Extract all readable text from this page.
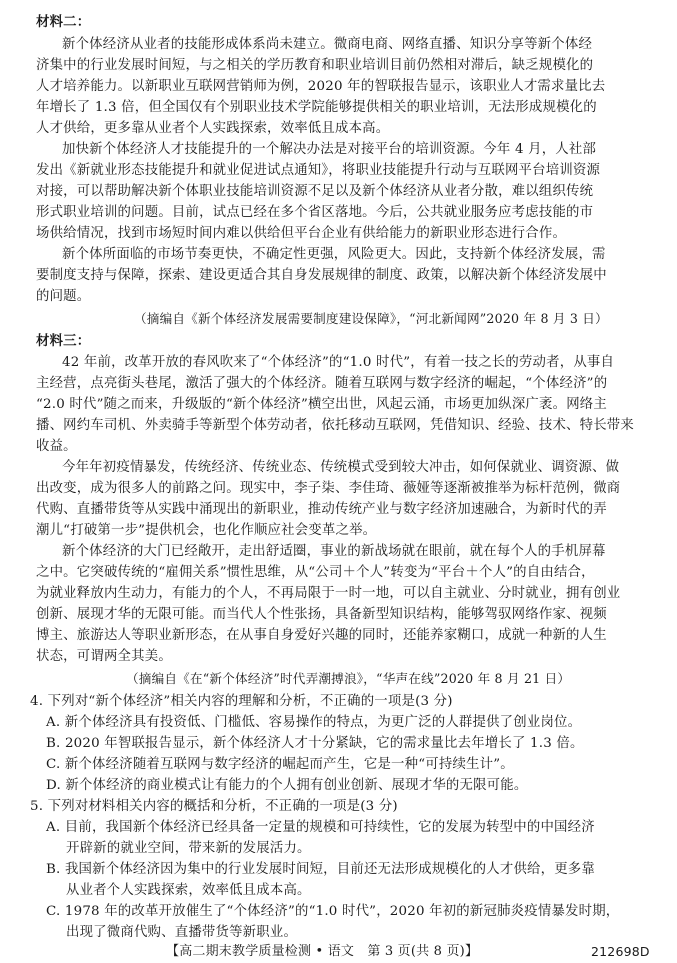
材料二：
新个体经济从业者的技能形成体系尚未建立。微商电商、网络直播、知识分享等新个体经
济集中的行业发展时间短，与之相关的学历教育和职业培训目前仍然相对滞后，缺乏规模化的
人才培养能力。以新职业互联网营销师为例，2020 年的智联报告显示，该职业人才需求量比去
年增长了 1.3 倍，但全国仅有个别职业技术学院能够提供相关的职业培训，无法形成规模化的
人才供给，更多靠从业者个人实践探索，效率低且成本高。
加快新个体经济人才技能提升的一个解决办法是对接平台的培训资源。今年 4 月，人社部
发出《新就业形态技能提升和就业促进试点通知》，将职业技能提升行动与互联网平台培训资源
对接，可以帮助解决新个体职业技能培训资源不足以及新个体经济从业者分散，难以组织传统
形式职业培训的问题。目前，试点已经在多个省区落地。今后，公共就业服务应考虑技能的市
场供给情况，找到市场短时间内难以供给但平台企业有供给能力的新职业形态进行合作。
新个体所面临的市场节奏更快，不确定性更强，风险更大。因此，支持新个体经济发展，需
要制度支持与保障，探索、建设更适合其自身发展规律的制度、政策，以解决新个体经济发展中
的问题。
（摘编自《新个体经济发展需要制度建设保障》，“河北新闻网”2020 年 8 月 3 日）
材料三：
42 年前，改革开放的春风吹来了“个体经济”的“1.0 时代”，有着一技之长的劳动者，从事自
主经营，点亮街头巷尾，激活了强大的个体经济。随着互联网与数字经济的崛起，“个体经济”的
“2.0 时代”随之而来，升级版的“新个体经济”横空出世，风起云涌，市场更加纵深广袤。网络主
播、网约车司机、外卖骑手等新型个体劳动者，依托移动互联网，凭借知识、经验、技术、特长带来
收益。
今年年初疫情暴发，传统经济、传统业态、传统模式受到较大冲击，如何保就业、调资源、做
出改变，成为很多人的前路之问。现实中，李子柒、李佳琦、薇娅等逐渐被推举为标杆范例，微商
代购、直播带货等从实践中涌现出的新职业，推动传统产业与数字经济加速融合，为新时代的弄
潮儿“打破第一步”提供机会，也化作顺应社会变革之举。
新个体经济的大门已经敞开，走出舒适圈，事业的新战场就在眼前，就在每个人的手机屏幕
之中。它突破传统的“雇佣关系”惯性思维，从“公司＋个人”转变为“平台＋个人”的自由结合，
为就业释放内生动力，有能力的个人，不再局限于一时一地，可以自主就业、分时就业，拥有创业
创新、展现才华的无限可能。而当代人个性张扬，具备新型知识结构，能够驾驭网络作家、视频
博主、旅游达人等职业新形态，在从事自身爱好兴趣的同时，还能养家糊口，成就一种新的人生
状态，可谓两全其美。
（摘编自《在“新个体经济”时代弄潮搏浪》，“华声在线”2020 年 8 月 21 日）
4. 下列对“新个体经济”相关内容的理解和分析，不正确的一项是(3 分)
A. 新个体经济具有投资低、门槛低、容易操作的特点，为更广泛的人群提供了创业岗位。
B. 2020 年智联报告显示，新个体经济人才十分紧缺，它的需求量比去年增长了 1.3 倍。
C. 新个体经济随着互联网与数字经济的崛起而产生，它是一种“可持续生计”。
D. 新个体经济的商业模式让有能力的个人拥有创业创新、展现才华的无限可能。
5. 下列对材料相关内容的概括和分析，不正确的一项是(3 分)
A. 目前，我国新个体经济已经具备一定量的规模和可持续性，它的发展为转型中的中国经济
开辟新的就业空间，带来新的发展活力。
B. 我国新个体经济因为集中的行业发展时间短，目前还无法形成规模化的人才供给，更多靠
从业者个人实践探索，效率低且成本高。
C. 1978 年的改革开放催生了“个体经济”的“1.0 时代”，2020 年初的新冠肺炎疫情暴发时期，
出现了微商代购、直播带货等新职业。
【高二期末教学质量检测 • 语文　第 3 页(共 8 页)】	212698D
